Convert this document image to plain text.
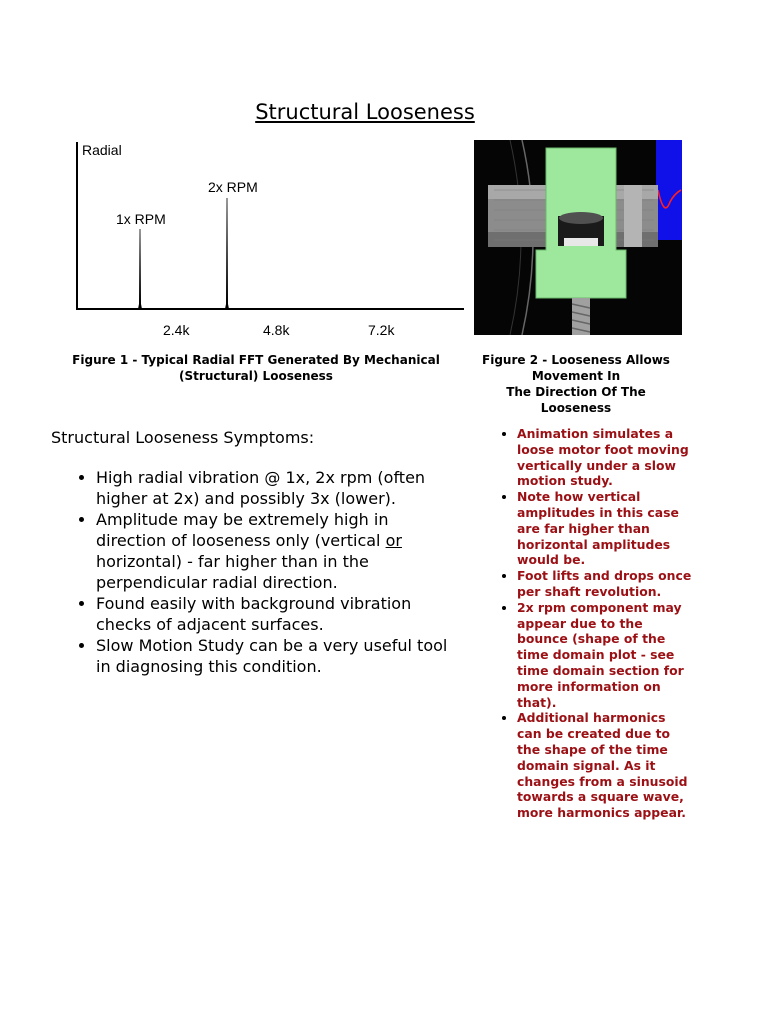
Structural Looseness
Radial
1x RPM
2x RPM
2.4k	4.8k	7.2k
Figure 1 - Typical Radial FFT Generated By Mechanical (Structural) Looseness
Figure 2 - Looseness Allows
Movement In
The Direction Of The
Looseness
Structural Looseness Symptoms:
• High radial vibration @ 1x, 2x rpm (often higher at 2x) and possibly 3x (lower).
• Amplitude may be extremely high in direction of looseness only (vertical or horizontal) - far higher than in the perpendicular radial direction.
• Found easily with background vibration checks of adjacent surfaces.
• Slow Motion Study can be a very useful tool in diagnosing this condition.
• Animation simulates a loose motor foot moving vertically under a slow motion study.
• Note how vertical amplitudes in this case are far higher than horizontal amplitudes would be.
• Foot lifts and drops once per shaft revolution.
• 2x rpm component may appear due to the bounce (shape of the time domain plot - see time domain section for more information on that).
• Additional harmonics can be created due to the shape of the time domain signal. As it changes from a sinusoid towards a square wave, more harmonics appear.
